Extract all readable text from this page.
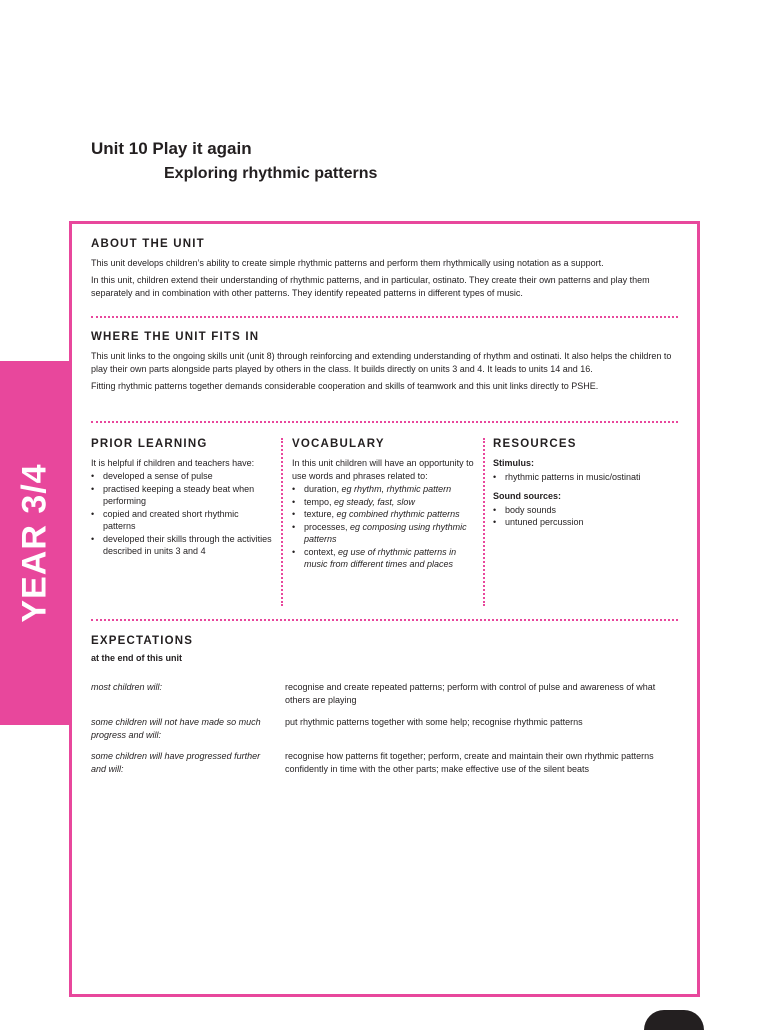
Unit 10 Play it again
Exploring rhythmic patterns
YEAR 3/4
ABOUT THE UNIT

This unit develops children’s ability to create simple rhythmic patterns and perform them rhythmically using notation as a support.

In this unit, children extend their understanding of rhythmic patterns, and in particular, ostinato. They create their own patterns and play them separately and in combination with other patterns. They identify repeated patterns in different types of music.

WHERE THE UNIT FITS IN

This unit links to the ongoing skills unit (unit 8) through reinforcing and extending understanding of rhythm and ostinati. It also helps the children to play their own parts alongside parts played by others in the class. It builds directly on units 3 and 4. It leads to units 14 and 16.

Fitting rhythmic patterns together demands considerable cooperation and skills of teamwork and this unit links directly to PSHE.

PRIOR LEARNING

It is helpful if children and teachers have:

• developed a sense of pulse
• practised keeping a steady beat when performing
• copied and created short rhythmic patterns
• developed their skills through the activities described in units 3 and 4
VOCABULARY

In this unit children will have an opportunity to use words and phrases related to:

• duration, eg rhythm, rhythmic pattern
• tempo, eg steady, fast, slow
• texture, eg combined rhythmic patterns
• processes, eg composing using rhythmic patterns
• context, eg use of rhythmic patterns in music from different times and places
RESOURCES
Stimulus:
• rhythmic patterns in music/ostinati
Sound sources:
• body sounds
• untuned percussion
EXPECTATIONS
at the end of this unit
most children will:	recognise and create repeated patterns; perform with control of pulse and awareness of what others are playing
some children will not have made so much progress and will:
put rhythmic patterns together with some help; recognise rhythmic patterns
some children will have progressed further and will:
recognise how patterns fit together; perform, create and maintain their own rhythmic patterns confidently in time with the other parts; make effective use of the silent beats
